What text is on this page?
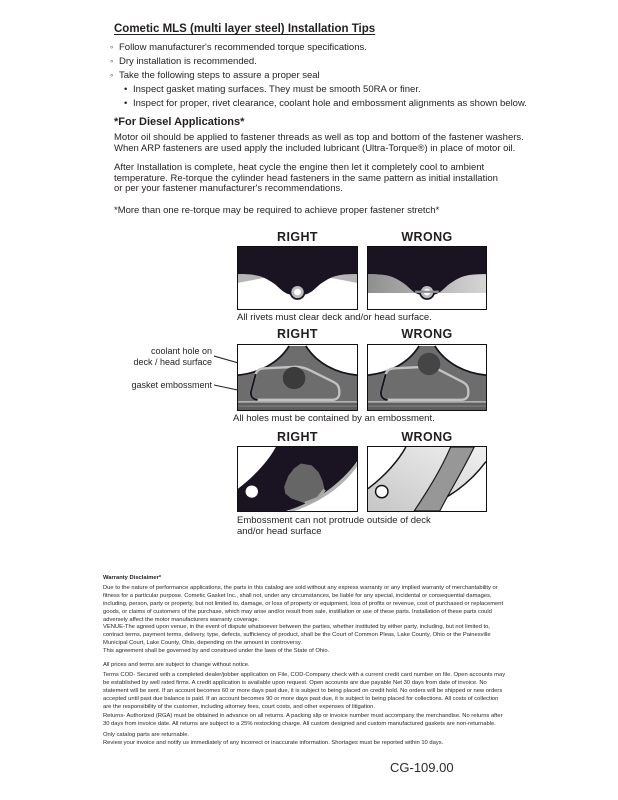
Cometic MLS (multi layer steel) Installation Tips
◦ Follow manufacturer's recommended torque specifications.
◦ Dry installation is recommended.
◦ Take the following steps to assure a proper seal
• Inspect gasket mating surfaces. They must be smooth 50RA or finer.
• Inspect for proper, rivet clearance, coolant hole and embossment alignments as shown below.
*For Diesel Applications*
Motor oil should be applied to fastener threads as well as top and bottom of the fastener washers.
When ARP fasteners are used apply the included lubricant (Ultra-Torque®) in place of motor oil.
After Installation is complete, heat cycle the engine then let it completely cool to ambient
temperature. Re-torque the cylinder head fasteners in the same pattern as initial installation
or per your fastener manufacturer's recommendations.
*More than one re-torque may be required to achieve proper fastener stretch*
RIGHT	WRONG
All rivets must clear deck and/or head surface.
RIGHT	WRONG
coolant hole on
deck / head surface
gasket embossment
All holes must be contained by an embossment.
RIGHT	WRONG
Embossment can not protrude outside of deck
and/or head surface
Warranty Disclaimer*
Due to the nature of performance applications, the parts in this catalog are sold without any express warranty or any implied warranty of merchantability or
fitness for a particular purpose. Cometic Gasket Inc., shall not, under any circumstances, be liable for any special, incidental or consequential damages,
including, person, party or property, but not limited to, damage, or loss of property or equipment, loss of profits or revenue, cost of purchased or replacement
goods, or claims of customers of the purchase, which may arise and/or result from sale, instillation or use of these parts. Installation of these parts could
adversely affect the motor manufacturers warranty coverage.
VENUE-The agreed upon venue, in the event of dispute whatsoever between the parties, whether instituted by either party, including, but not limited to,
contract terms, payment terms, delivery, type, defects, sufficiency of product, shall be the Court of Common Pleas, Lake County, Ohio or the Painesville
Municipal Court, Lake County, Ohio, depending on the amount in controversy.
This agreement shall be governed by and construed under the laws of the State of Ohio.
All prices and terms are subject to change without notice.
Terms COD- Secured with a completed dealer/jobber application on File, COD-Company check with a current credit card number on file. Open accounts may
be established by well rated firms. A credit application is available upon request. Open accounts are due payable Net 30 days from date of invoice. No
statement will be sent. If an account becomes 60 or more days past due, it is subject to being placed on credit hold. No orders will be shipped or new orders
accepted until past due balance is paid. If an account becomes 90 or more days past due, it is subject to being placed for collections. All costs of collection
are the responsibility of the customer, including attorney fees, court costs, and other expenses of litigation.
Returns- Authorized (RGA) must be obtained in advance on all returns. A packing slip or invoice number must accompany the merchandise. No returns after
30 days from invoice date. All returns are subject to a 25% restocking charge. All custom designed and custom manufactured gaskets are non-returnable.
Only catalog parts are returnable.
Review your invoice and notify us immediately of any incorrect or inaccurate information. Shortages must be reported within 10 days.
CG-109.00
